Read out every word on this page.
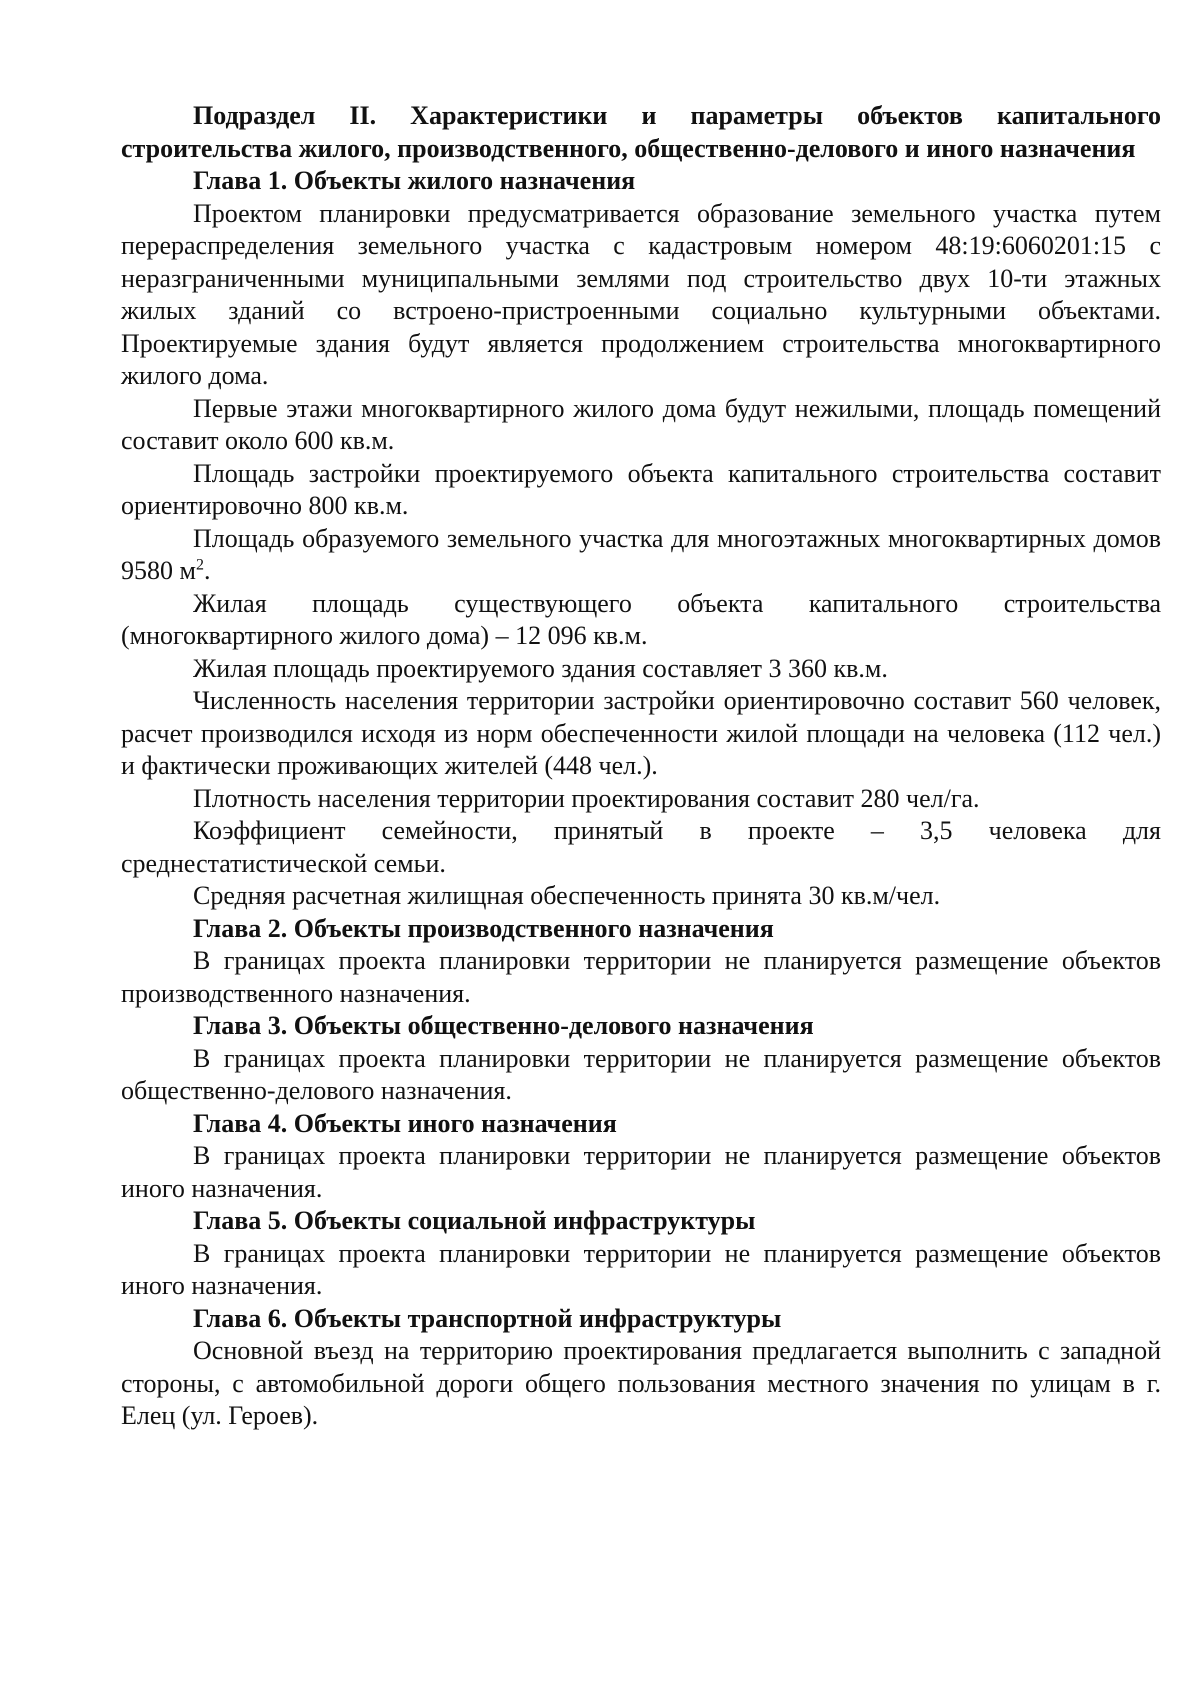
Подраздел II. Характеристики и параметры объектов капитального строительства жилого, производственного, общественно-делового и иного назначения
Глава 1. Объекты жилого назначения

Проектом планировки предусматривается образование земельного участка путем перераспределения земельного участка с кадастровым номером 48:19:6060201:15 с неразграниченными муниципальными землями под строительство двух 10-ти этажных жилых зданий со встроено-пристроенными социально культурными объектами. Проектируемые здания будут является продолжением строительства многоквартирного жилого дома.

Первые этажи многоквартирного жилого дома будут нежилыми, площадь помещений составит около 600 кв.м.

Площадь застройки проектируемого объекта капитального строительства составит ориентировочно 800 кв.м.

Площадь образуемого земельного участка для многоэтажных многоквартирных домов 9580 $м^2$.

Жилая площадь существующего объекта капитального строительства (многоквартирного жилого дома) – 12 096 кв.м.

Жилая площадь проектируемого здания составляет 3 360 кв.м.

Численность населения территории застройки ориентировочно составит 560 человек, расчет производился исходя из норм обеспеченности жилой площади на человека (112 чел.) и фактически проживающих жителей (448 чел.).

Плотность населения территории проектирования составит 280 чел/га.

Коэффициент семейности, принятый в проекте – 3,5 человека для среднестатистической семьи.

Средняя расчетная жилищная обеспеченность принята 30 кв.м/чел.

Глава 2. Объекты производственного назначения

В границах проекта планировки территории не планируется размещение объектов производственного назначения.

Глава 3. Объекты общественно-делового назначения

В границах проекта планировки территории не планируется размещение объектов общественно-делового назначения.

Глава 4. Объекты иного назначения

В границах проекта планировки территории не планируется размещение объектов иного назначения.

Глава 5. Объекты социальной инфраструктуры

В границах проекта планировки территории не планируется размещение объектов иного назначения.

Глава 6. Объекты транспортной инфраструктуры

Основной въезд на территорию проектирования предлагается выполнить с западной стороны, с автомобильной дороги общего пользования местного значения по улицам в г. Елец (ул. Героев).
